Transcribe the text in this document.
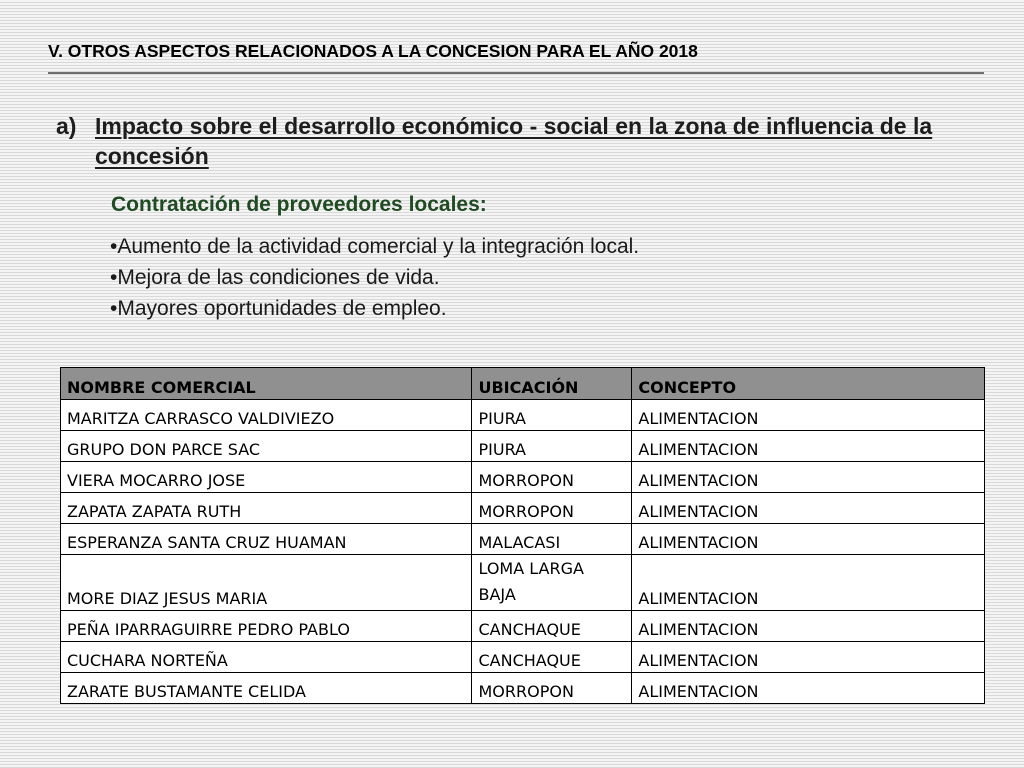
V. OTROS ASPECTOS RELACIONADOS A LA CONCESION PARA EL AÑO 2018
a) Impacto sobre el desarrollo económico - social en la zona de influencia de la concesión
Contratación de proveedores locales:
• Aumento de la actividad comercial y la integración local.
• Mejora de las condiciones de vida.
• Mayores oportunidades de empleo.
NOMBRE COMERCIAL	UBICACIÓN	CONCEPTO
MARITZA CARRASCO VALDIVIEZO	PIURA	ALIMENTACION
GRUPO DON PARCE SAC	PIURA	ALIMENTACION
VIERA MOCARRO JOSE	MORROPON	ALIMENTACION
ZAPATA ZAPATA RUTH	MORROPON	ALIMENTACION
ESPERANZA SANTA CRUZ HUAMAN	MALACASI	ALIMENTACION
MORE DIAZ JESUS MARIA	LOMA LARGA BAJA	ALIMENTACION
PEÑA IPARRAGUIRRE PEDRO PABLO	CANCHAQUE	ALIMENTACION
CUCHARA NORTEÑA	CANCHAQUE	ALIMENTACION
ZARATE BUSTAMANTE CELIDA	MORROPON	ALIMENTACION
